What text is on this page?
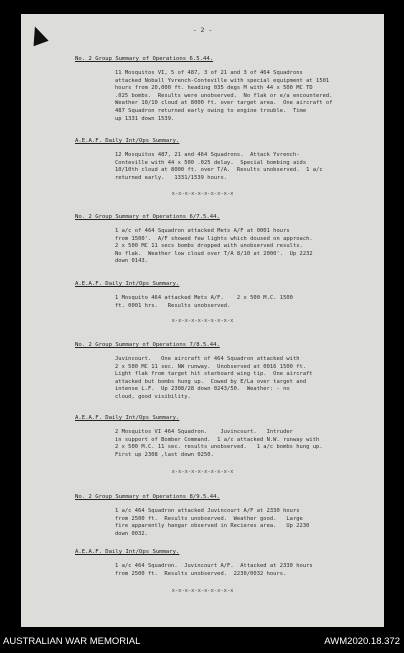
- 2 -
No. 2 Group Summary of Operations 6.5.44.
11 Mosquitos VI, 5 of 487, 3 of 21 and 3 of 464 Squadrons
attacked Noball Yvrench-Conteville with special equipment at 1501
hours from 20,000 ft. heading 035 degs M with 44 x 500 MC TD
.025 bombs.  Results were unobserved.  No flak or e/a encountered.
Weather 10/10 cloud at 8000 ft. over target area.  One aircraft of
487 Squadron returned early owing to engine trouble.  Time
up 1331 down 1539.
A.E.A.F. Daily Int/Ops Summary.
12 Mosquitos 487, 21 and 464 Squadrons.  Attack Yvrench-
Conteville with 44 x 500 .025 delay.  Special bombing aids
10/10th cloud at 8000 ft. over T/A.  Results unobserved.  1 a/c
returned early.   1331/1539 hours.
x-x-x-x-x-x-x-x-x-x
No. 2 Group Summary of Operations 6/7.5.44.
1 a/c of 464 Squadron attacked Mets A/F at 0001 hours
from 1500'.  A/F showed few lights which doused on approach.
2 x 500 MC 11 secs bombs dropped with unobserved results.
No flak.  Weather low cloud over T/A 8/10 at 2000'.  Up 2232
down 0143.
A.E.A.F. Daily Int/Ops Summary.
1 Mosquito 464 attacked Mets A/F.    2 x 500 M.C. 1500
ft. 0001 hrs.   Results unobserved.
x-x-x-x-x-x-x-x-x-x
No. 2 Group Summary of Operations 7/8.5.44.
Juvincourt.   One aircraft of 464 Squadron attacked with
2 x 500 MC 11 sec. NW runway.  Unobserved at 0016 1500 ft.
Light flak from target hit starboard wing tip.  One aircraft
attacked but bombs hung up.  Cowed by E/La over target and
intense L.F.  Up 2308/28 down 0243/50.  Weather: - no
cloud, good visibility.
A.E.A.F. Daily Int/Ops Summary.
2 Mosquitos VI 464 Squadron.    Juvincourt.   Intruder
in support of Bomber Command.  1 a/c attacked N.W. runway with
2 x 500 M.C. 11 sec. results unobserved.   1 a/c bombs hung up.
First up 2308 ,last down 0250.
x-x-x-x-x-x-x-x-x-x
No. 2 Group Summary of Operations 8/9.5.44.
1 a/c 464 Squadron attacked Juvincourt A/F at 2330 hours
from 2500 ft.  Results unobserved.  Weather good.   Large
fire apparently hangar observed in Recieres area.   Up 2230
down 0032.
A.E.A.F. Daily Int/Ops Summary.
1 a/c 464 Squadron.  Juvincourt A/F.  Attacked at 2330 hours
from 2500 ft.  Results unobserved.  2230/0032 hours.
x-x-x-x-x-x-x-x-x-x
AUSTRALIAN WAR MEMORIAL	AWM2020.18.372
